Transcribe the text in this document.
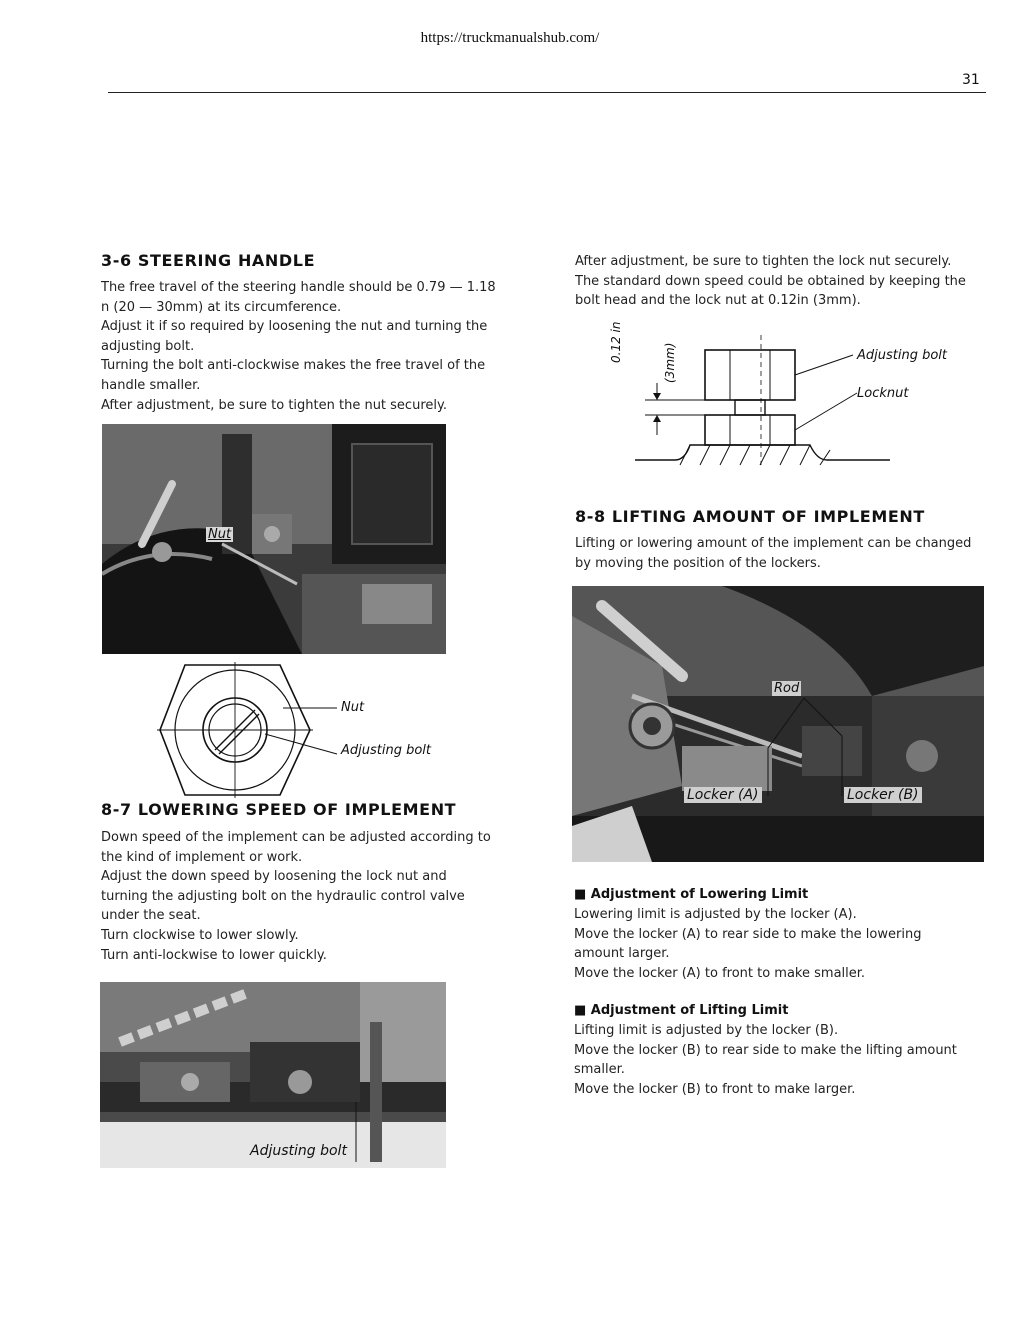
https://truckmanualshub.com/
31
3-6 STEERING HANDLE
The free travel of the steering handle should be 0.79 — 1.18
n (20 — 30mm) at its circumference.
Adjust it if so required by loosening the nut and turning the
adjusting bolt.
Turning the bolt anti-clockwise makes the free travel of the
handle smaller.
After adjustment, be sure to tighten the nut securely.
Nut
Nut
Adjusting bolt
8-7 LOWERING SPEED OF IMPLEMENT
Down speed of the implement can be adjusted according to
the kind of implement or work.
Adjust the down speed by loosening the lock nut and
turning the adjusting bolt on the hydraulic control valve
under the seat.
Turn clockwise to lower slowly.
Turn anti-lockwise to lower quickly.
Adjusting bolt
After adjustment, be sure to tighten the lock nut securely.
The standard down speed could be obtained by keeping the
bolt head and the lock nut at 0.12in (3mm).
0.12 in	(3mm)	Adjusting bolt
Locknut
8-8 LIFTING AMOUNT OF IMPLEMENT
Lifting or lowering amount of the implement can be changed
by moving the position of the lockers.
Rod
Locker (A)	Locker (B)
■ Adjustment of Lowering Limit
Lowering limit is adjusted by the locker (A).
Move the locker (A) to rear side to make the lowering
amount larger.
Move the locker (A) to front to make smaller.
■ Adjustment of Lifting Limit
Lifting limit is adjusted by the locker (B).
Move the locker (B) to rear side to make the lifting amount
smaller.
Move the locker (B) to front to make larger.
